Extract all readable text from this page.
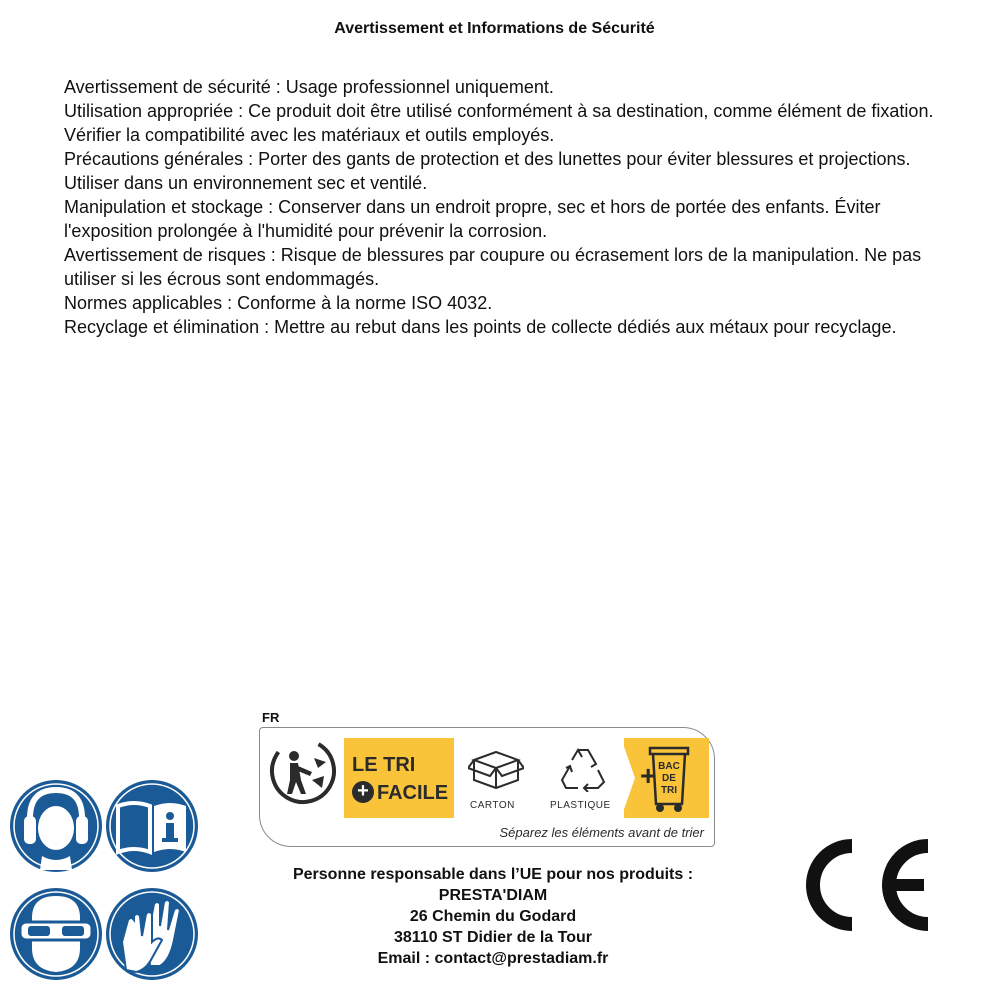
Avertissement et Informations de Sécurité

Avertissement de sécurité : Usage professionnel uniquement.

Utilisation appropriée : Ce produit doit être utilisé conformément à sa destination, comme élément de fixation. Vérifier la compatibilité avec les matériaux et outils employés.

Précautions générales : Porter des gants de protection et des lunettes pour éviter blessures et projections. Utiliser dans un environnement sec et ventilé.

Manipulation et stockage : Conserver dans un endroit propre, sec et hors de portée des enfants. Éviter l'exposition prolongée à l'humidité pour prévenir la corrosion.

Avertissement de risques : Risque de blessures par coupure ou écrasement lors de la manipulation. Ne pas utiliser si les écrous sont endommagés.

Normes applicables : Conforme à la norme ISO 4032.

Recyclage et élimination : Mettre au rebut dans les points de collecte dédiés aux métaux pour recyclage.

FR
LE TRI
+ FACILE
CARTON
+
PLASTIQUE
BAC
DE
TRI
Séparez les éléments avant de trier
Personne responsable dans l’UE pour nos produits :
PRESTA'DIAM
26 Chemin du Godard
38110 ST Didier de la Tour
Email : contact@prestadiam.fr
